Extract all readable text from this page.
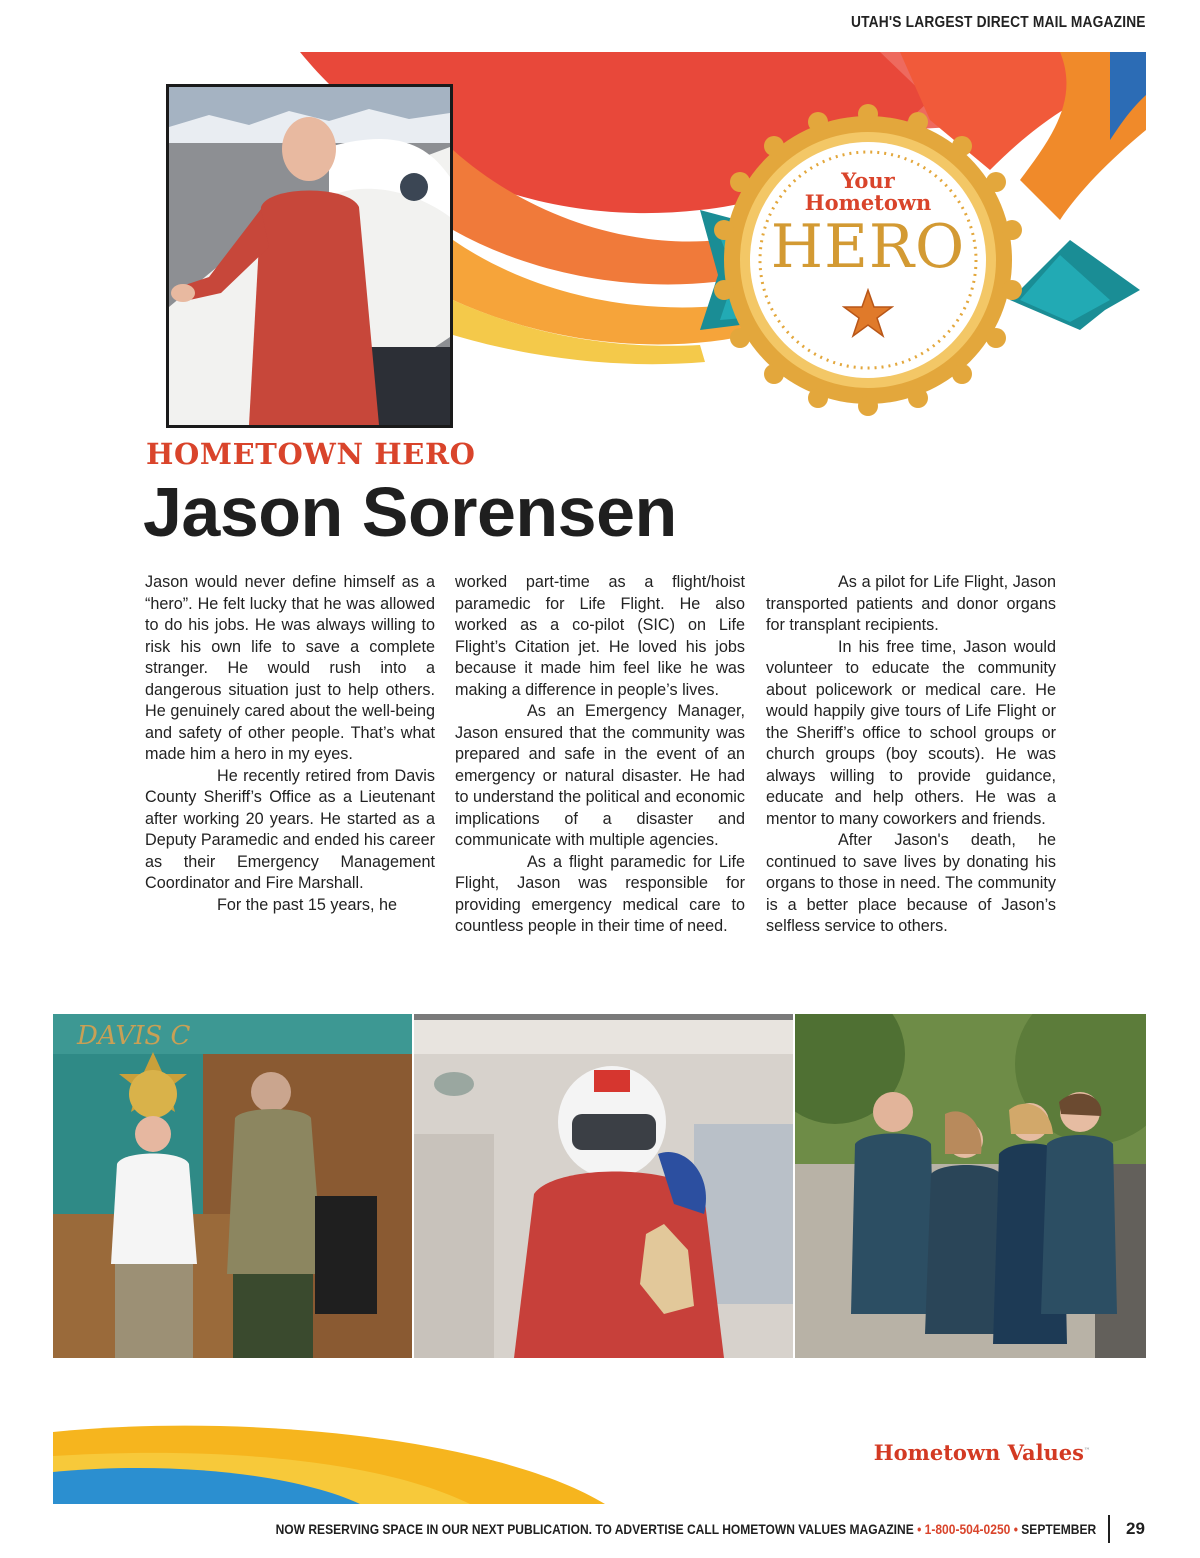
UTAH'S LARGEST DIRECT MAIL MAGAZINE
Your
Hometown
HERO
HOMETOWN HERO
Jason Sorensen

Jason would never define himself as a “hero”. He felt lucky that he was allowed to do his jobs. He was always willing to risk his own life to save a complete stranger. He would rush into a dangerous situation just to help others. He genuinely cared about the well-being and safety of other people. That’s what made him a hero in my eyes.

He recently retired from Davis County Sheriff’s Office as a Lieutenant after working 20 years. He started as a Deputy Paramedic and ended his career as their Emergency Management Coordinator and Fire Marshall.

For the past 15 years, he

worked part-time as a flight/hoist paramedic for Life Flight. He also worked as a co-pilot (SIC) on Life Flight’s Citation jet. He loved his jobs because it made him feel like he was making a difference in people’s lives.

As an Emergency Manager, Jason ensured that the community was prepared and safe in the event of an emergency or natural disaster. He had to understand the political and economic implications of a disaster and communicate with multiple agencies.

As a flight paramedic for Life Flight, Jason was responsible for providing emergency medical care to countless people in their time of need.

As a pilot for Life Flight, Jason transported patients and donor organs for transplant recipients.

In his free time, Jason would volunteer to educate the community about policework or medical care. He would happily give tours of Life Flight or the Sheriff’s office to school groups or church groups (boy scouts). He was always willing to provide guidance, educate and help others. He was a mentor to many coworkers and friends.

After Jason's death, he continued to save lives by donating his organs to those in need. The community is a better place because of Jason’s selfless service to others.

DAVIS C
Hometown Values™
NOW RESERVING SPACE IN OUR NEXT PUBLICATION. TO ADVERTISE CALL HOMETOWN VALUES MAGAZINE • 1-800-504-0250 • SEPTEMBER 29
